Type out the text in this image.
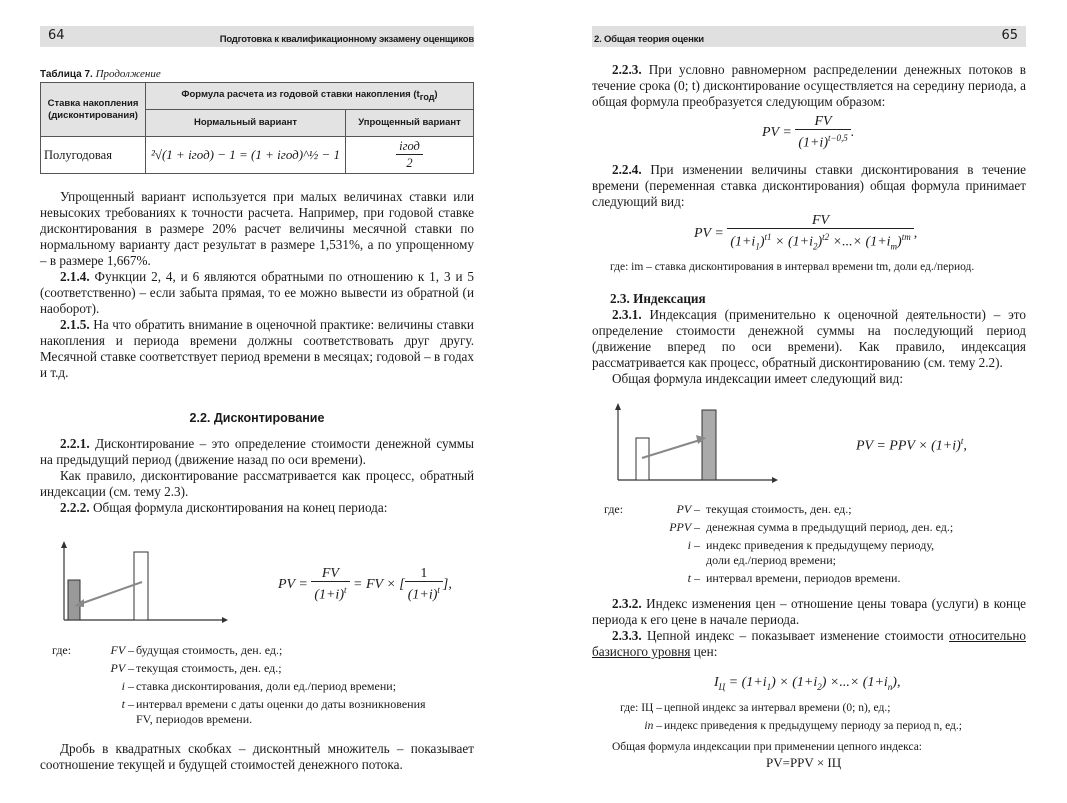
64	Подготовка к квалификационному экзамену оценщиков
Таблица 7. Продолжение
Ставка накопления (дисконтирования)	Формула расчета из годовой ставки накопления $(t_{год})$	
	Нормальный вариант	Упрощенный вариант
Полугодовая	²√(1 + iгод) − 1 = (1 + iгод)^½ − 1	$\frac{\text{iгод}}{2}$

Упрощенный вариант используется при малых величинах ставки или невысоких требованиях к точности расчета. Например, при годовой ставке дисконтирования в размере 20% расчет величины месячной ставки по нормальному варианту даст результат в размере 1,531%, а по упрощенному – в размере 1,667%.

2.1.4. Функции 2, 4, и 6 являются обратными по отношению к 1, 3 и 5 (соответственно) – если забыта прямая, то ее можно вывести из обратной (и наоборот).

2.1.5. На что обратить внимание в оценочной практике: величины ставки накопления и периода времени должны соответствовать друг другу. Месячной ставке соответствует период времени в месяцах; годовой – в годах и т.д.

2.2. Дисконтирование

2.2.1. Дисконтирование – это определение стоимости денежной суммы на предыдущий период (движение назад по оси времени).

Как правило, дисконтирование рассматривается как процесс, обратный индексации (см. тему 2.3).

2.2.2. Общая формула дисконтирования на конец периода:

PV = $\frac{FV}{(1+i)^t}$ = FV × [ $\frac{1}{(1+i)^t}$ ],
где:	FV – будущая стоимость, ден. ед.;
PV – текущая стоимость, ден. ед.;
i – ставка дисконтирования, доли ед./период времени;
t – интервал времени с даты оценки до даты возникновения
FV, периодов времени.

Дробь в квадратных скобках – дисконтный множитель – показывает соотношение текущей и будущей стоимостей денежного потока.

2. Общая теория оценки	65

2.2.3. При условно равномерном распределении денежных потоков в течение срока (0; t) дисконтирование осуществляется на середину периода, а общая формула преобразуется следующим образом:

PV = $\frac{FV}{(1+i)^{t-0,5}}$ .

2.2.4. При изменении величины ставки дисконтирования в течение времени (переменная ставка дисконтирования) общая формула принимает следующий вид:

PV = $\frac{FV}{(1+i_1)^{t1} \times (1+i_2)^{t2} \times...\times (1+i_m)^{tm}}$ ,
где: im – ставка дисконтирования в интервал времени tm, доли ед./период.
2.3. Индексация

2.3.1. Индексация (применительно к оценочной деятельности) – это определение стоимости денежной суммы на последующий период (движение вперед по оси времени). Как правило, индексация рассматривается как процесс, обратный дисконтированию (см. тему 2.2).

Общая формула индексации имеет следующий вид:

PV = PPV × $(1+i)^t$,
где:	PV – текущая стоимость, ден. ед.;
PPV – денежная сумма в предыдущий период, ден. ед.;
i – индекс приведения к предыдущему периоду,
доли ед./период времени;
t – интервал времени, периодов времени.

2.3.2. Индекс изменения цен – отношение цены товара (услуги) в конце периода к его цене в начале периода.

2.3.3. Цепной индекс – показывает изменение стоимости относительно базисного уровня цен:

$I_Ц = (1+i_1) \times (1+i_2)$ ×...× $(1+i_n)$,
где: IЦ – цепной индекс за интервал времени (0; n), ед.;
in – индекс приведения к предыдущему периоду за период n, ед.;
Общая формула индексации при применении цепного индекса:
PV=PPV × IЦ
